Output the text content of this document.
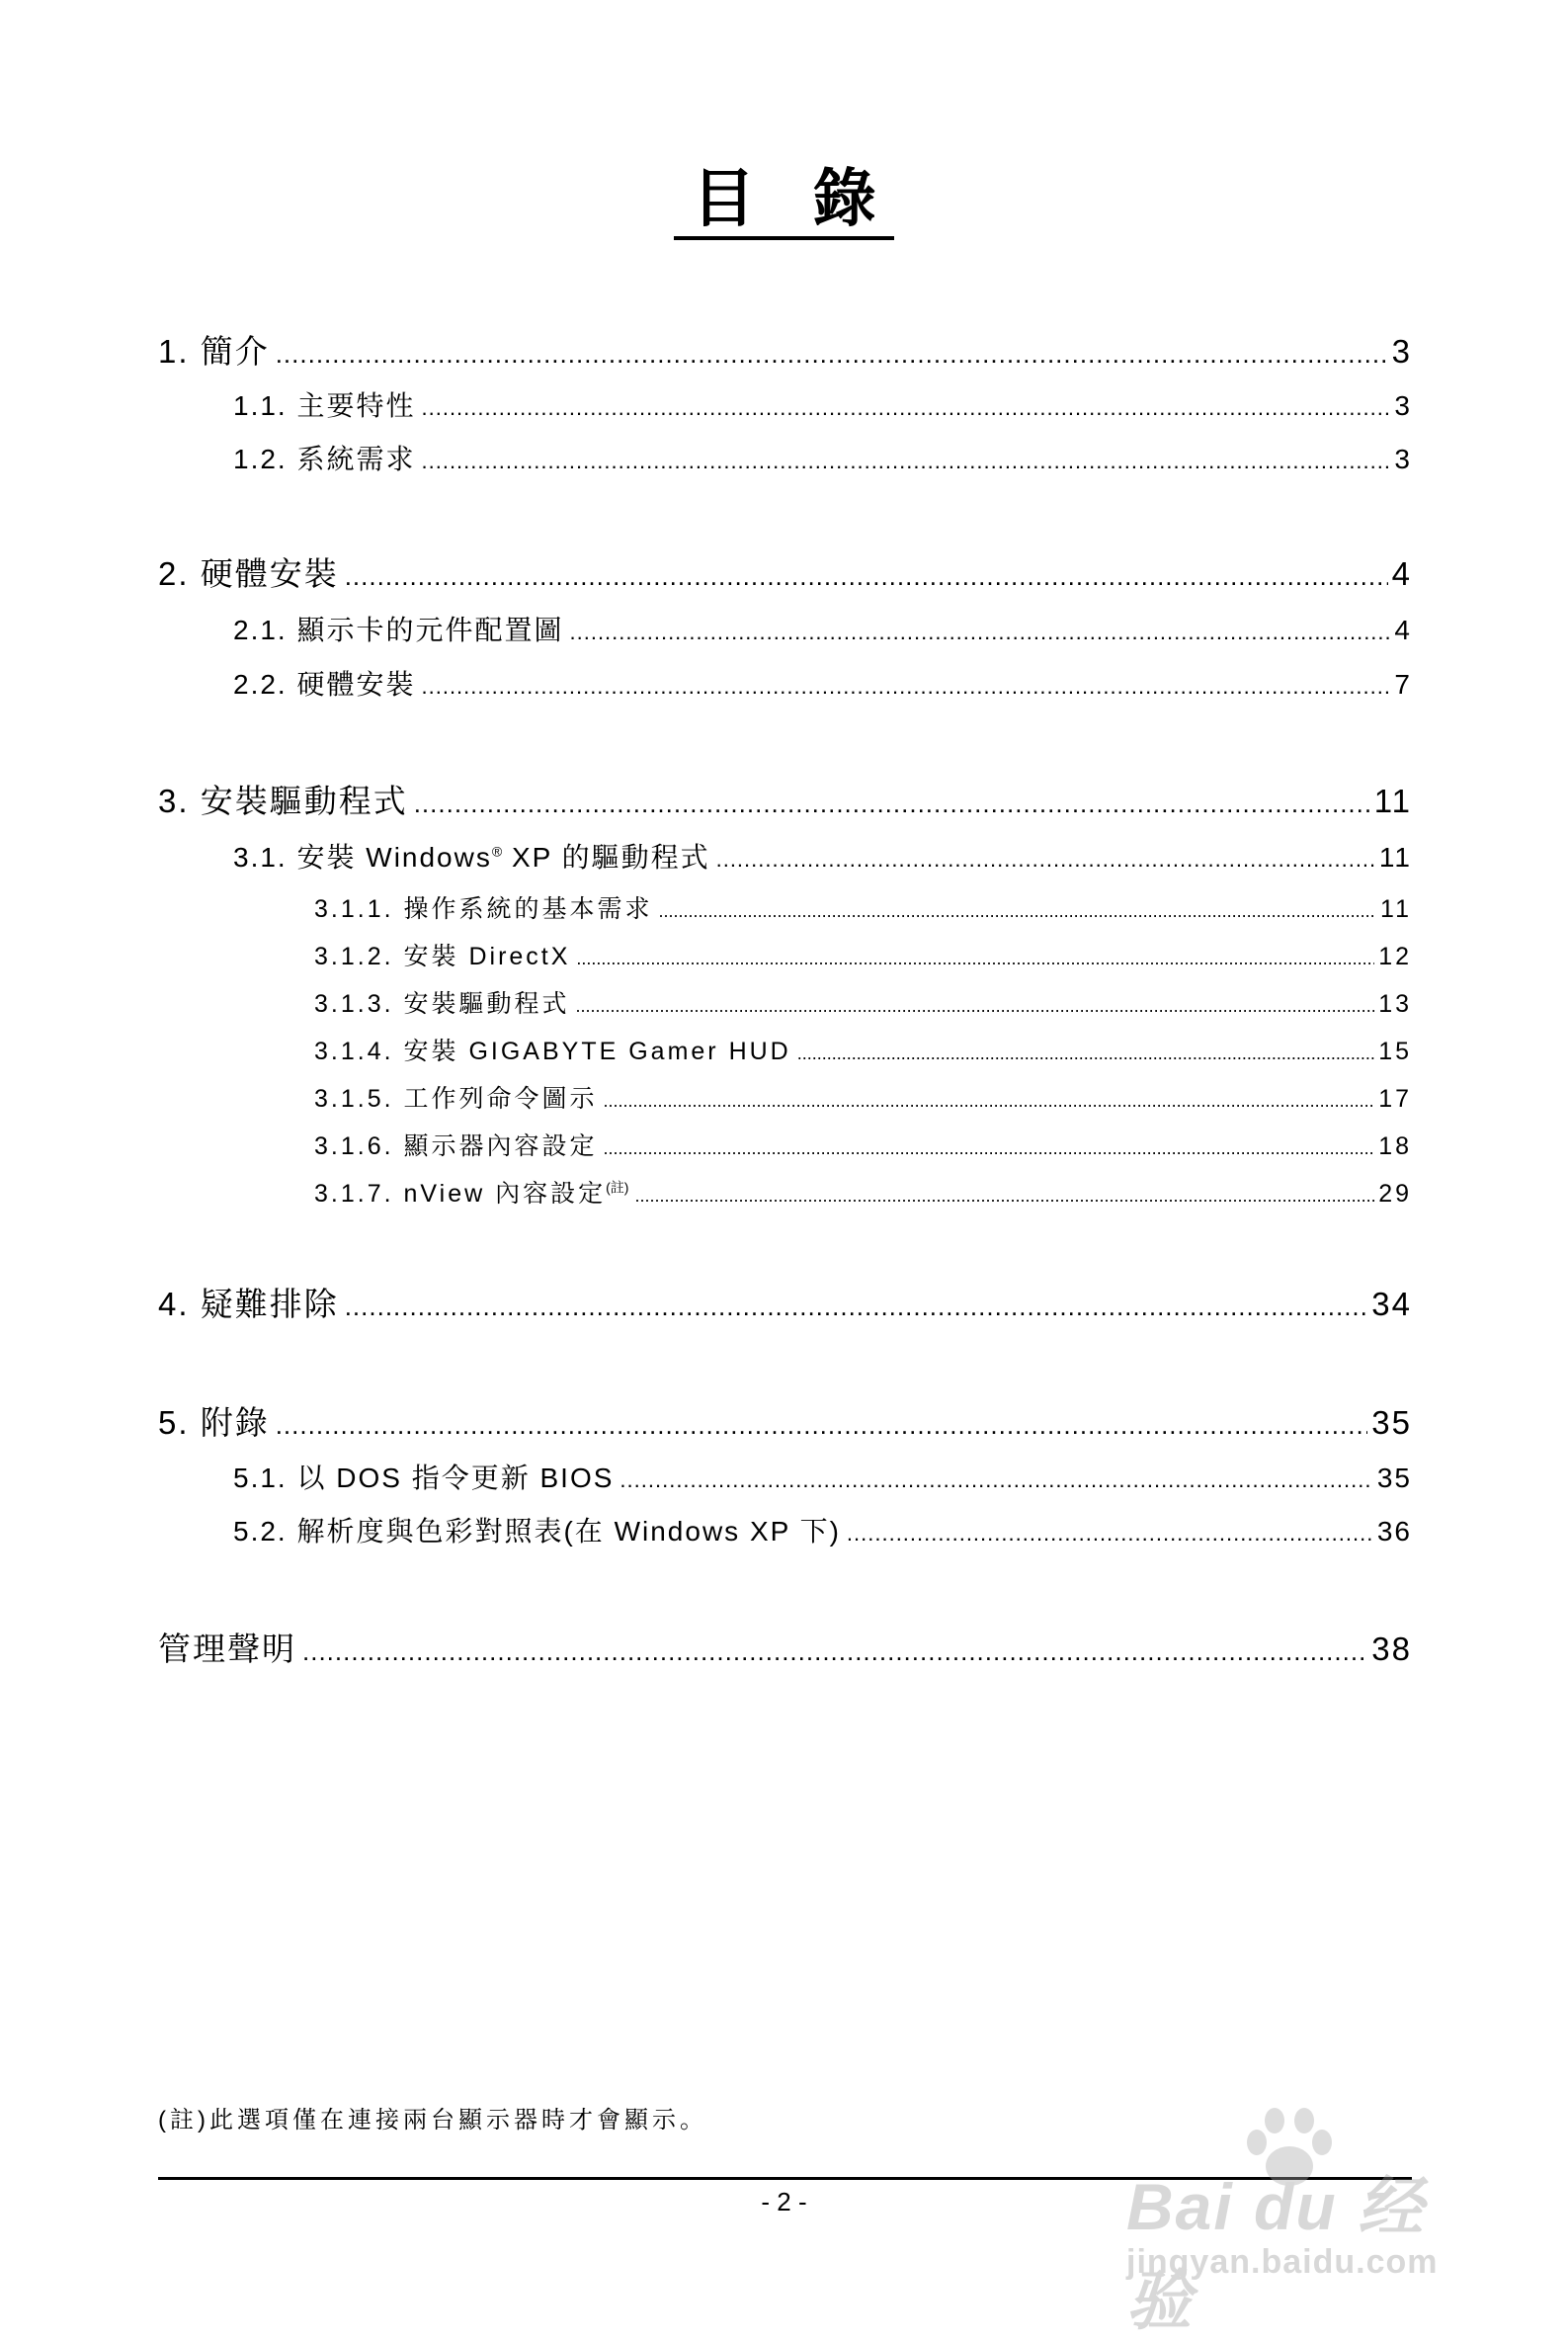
目 錄
1. 簡介 .....	3
1.1. 主要特性 .....	3
1.2. 系統需求 .....	3
2. 硬體安裝 .....	4
2.1. 顯示卡的元件配置圖 .....	4
2.2. 硬體安裝 .....	7
3. 安裝驅動程式 .....	11
3.1. 安裝 Windows® XP 的驅動程式 .....	11
3.1.1. 操作系統的基本需求 .....	11
3.1.2. 安裝 DirectX .....	12
3.1.3. 安裝驅動程式 .....	13
3.1.4. 安裝 GIGABYTE Gamer HUD .....	15
3.1.5. 工作列命令圖示 .....	17
3.1.6. 顯示器內容設定 .....	18
3.1.7. nView 內容設定$^{(註)}$ .....	29
4. 疑難排除 .....	34
5. 附錄 .....	35
5.1. 以 DOS 指令更新 BIOS .....	35
5.2. 解析度與色彩對照表(在 Windows XP 下) .....	36
管理聲明 .....	38
(註)此選項僅在連接兩台顯示器時才會顯示。
- 2 -	Bai du 经验
jingyan.baidu.com
